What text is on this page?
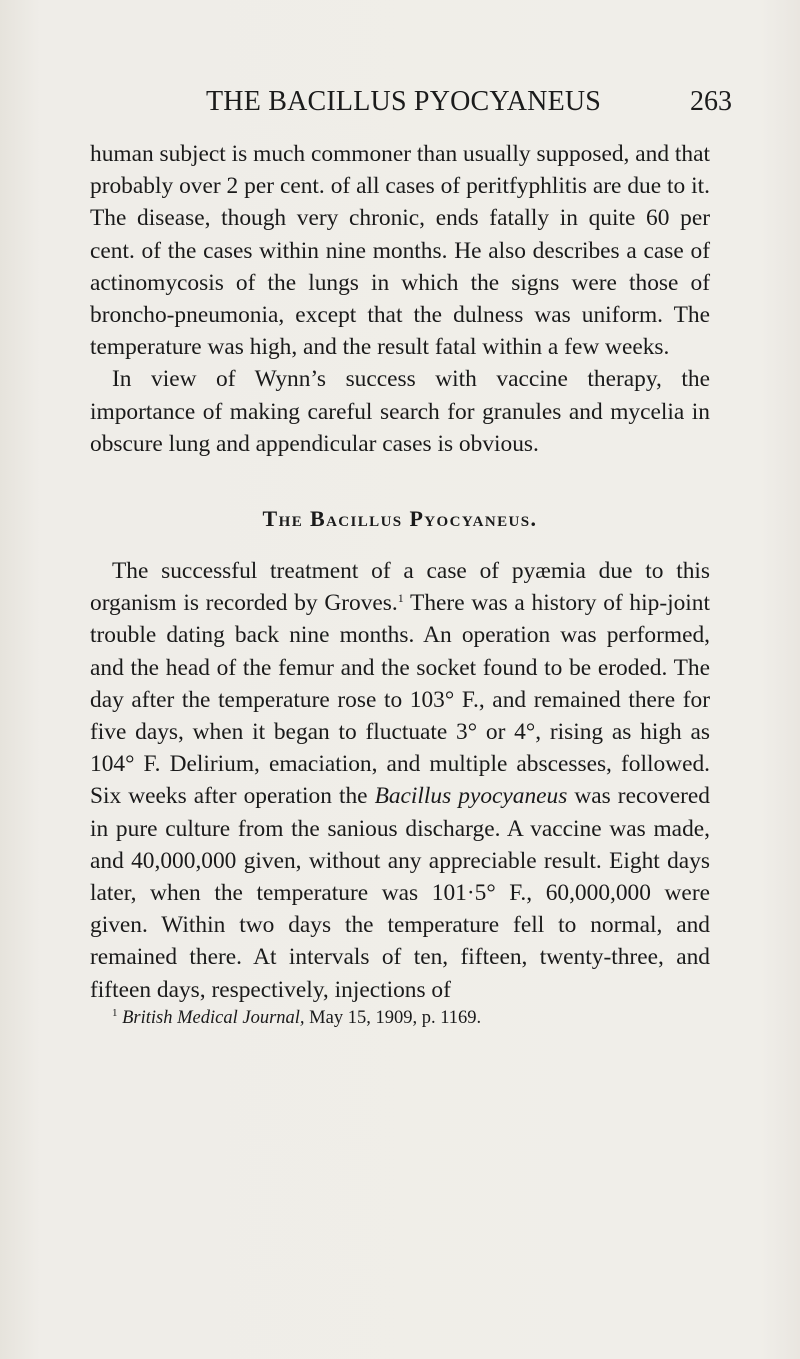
THE BACILLUS PYOCYANEUS	263

human subject is much commoner than usually supposed, and that probably over 2 per cent. of all cases of peritfyphlitis are due to it. The disease, though very chronic, ends fatally in quite 60 per cent. of the cases within nine months. He also describes a case of actinomycosis of the lungs in which the signs were those of broncho-pneumonia, except that the dulness was uniform. The temperature was high, and the result fatal within a few weeks.

In view of Wynn’s success with vaccine therapy, the importance of making careful search for granules and mycelia in obscure lung and appendicular cases is obvious.

The Bacillus Pyocyaneus.

The successful treatment of a case of pyæmia due to this organism is recorded by Groves.$^1$ There was a history of hip-joint trouble dating back nine months. An operation was performed, and the head of the femur and the socket found to be eroded. The day after the temperature rose to 103° F., and remained there for five days, when it began to fluctuate 3° or 4°, rising as high as 104° F. Delirium, emaciation, and multiple abscesses, followed. Six weeks after operation the Bacillus pyocyaneus was recovered in pure culture from the sanious discharge. A vaccine was made, and 40,000,000 given, without any appreciable result. Eight days later, when the temperature was 101·5° F., 60,000,000 were given. Within two days the temperature fell to normal, and remained there. At intervals of ten, fifteen, twenty-three, and fifteen days, respectively, injections of

$^1$ British Medical Journal, May 15, 1909, p. 1169.
